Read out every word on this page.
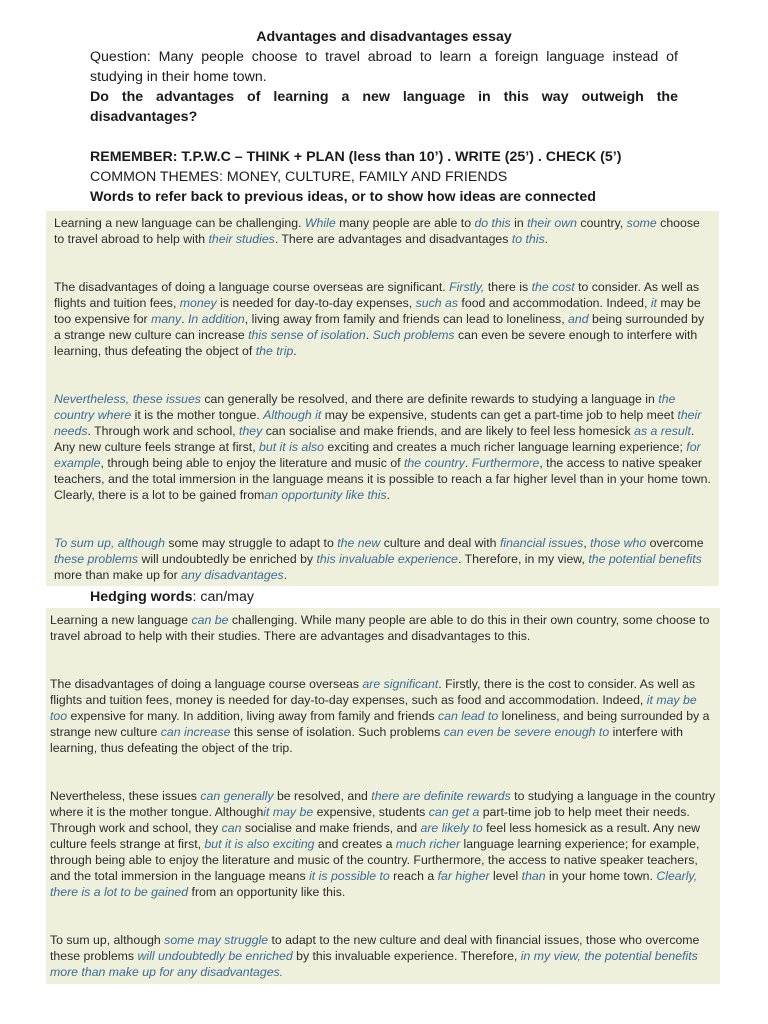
Advantages and disadvantages essay
Question: Many people choose to travel abroad to learn a foreign language instead of
studying in their home town.
Do the advantages of learning a new language in this way outweigh the
disadvantages?
REMEMBER: T.P.W.C – THINK + PLAN (less than 10’) . WRITE (25’) . CHECK (5’)
COMMON THEMES: MONEY, CULTURE, FAMILY AND FRIENDS
Words to refer back to previous ideas, or to show how ideas are connected

Learning a new language can be challenging. While many people are able to do this in their own country, some choose to travel abroad to help with their studies. There are advantages and disadvantages to this.

The disadvantages of doing a language course overseas are significant. Firstly, there is the cost to consider. As well as flights and tuition fees, money is needed for day-to-day expenses, such as food and accommodation. Indeed, it may be too expensive for many. In addition, living away from family and friends can lead to loneliness, and being surrounded by a strange new culture can increase this sense of isolation. Such problems can even be severe enough to interfere with learning, thus defeating the object of the trip.

Nevertheless, these issues can generally be resolved, and there are definite rewards to studying a language in the country where it is the mother tongue. Although it may be expensive, students can get a part-time job to help meet their needs. Through work and school, they can socialise and make friends, and are likely to feel less homesick as a result. Any new culture feels strange at first, but it is also exciting and creates a much richer language learning experience; for example, through being able to enjoy the literature and music of the country. Furthermore, the access to native speaker teachers, and the total immersion in the language means it is possible to reach a far higher level than in your home town. Clearly, there is a lot to be gained froman opportunity like this.

To sum up, although some may struggle to adapt to the new culture and deal with financial issues, those who overcome these problems will undoubtedly be enriched by this invaluable experience. Therefore, in my view, the potential benefits more than make up for any disadvantages.

Hedging words: can/may

Learning a new language can be challenging. While many people are able to do this in their own country, some choose to travel abroad to help with their studies. There are advantages and disadvantages to this.

The disadvantages of doing a language course overseas are significant. Firstly, there is the cost to consider. As well as flights and tuition fees, money is needed for day-to-day expenses, such as food and accommodation. Indeed, it may be too expensive for many. In addition, living away from family and friends can lead to loneliness, and being surrounded by a strange new culture can increase this sense of isolation. Such problems can even be severe enough to interfere with learning, thus defeating the object of the trip.

Nevertheless, these issues can generally be resolved, and there are definite rewards to studying a language in the country where it is the mother tongue. Althoughit may be expensive, students can get a part-time job to help meet their needs. Through work and school, they can socialise and make friends, and are likely to feel less homesick as a result. Any new culture feels strange at first, but it is also exciting and creates a much richer language learning experience; for example, through being able to enjoy the literature and music of the country. Furthermore, the access to native speaker teachers, and the total immersion in the language means it is possible to reach a far higher level than in your home town. Clearly, there is a lot to be gained from an opportunity like this.

To sum up, although some may struggle to adapt to the new culture and deal with financial issues, those who overcome these problems will undoubtedly be enriched by this invaluable experience. Therefore, in my view, the potential benefits more than make up for any disadvantages.
